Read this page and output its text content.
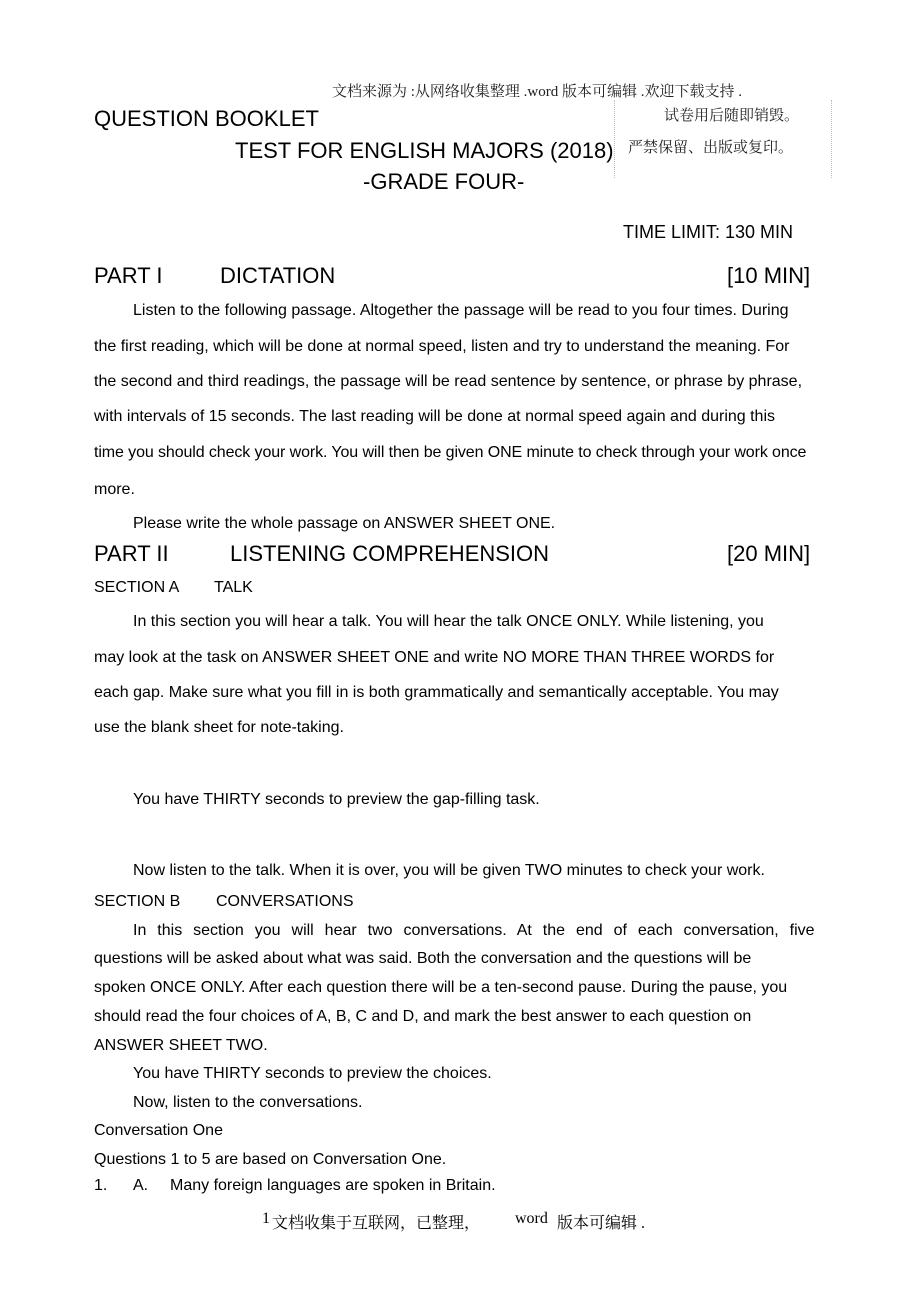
文档来源为 :从网络收集整理 .word 版本可编辑 .欢迎下载支持 .
试卷用后随即销毁。
严禁保留、出版或复印。
QUESTION BOOKLET
TEST FOR ENGLISH MAJORS (2018)
-GRADE FOUR-
TIME LIMIT: 130 MIN
PART I	DICTATION	[10 MIN]
Listen to the following passage. Altogether the passage will be read to you four times. During
the first reading, which will be done at normal speed, listen and try to understand the meaning. For
the second and third readings, the passage will be read sentence by sentence, or phrase by phrase,
with intervals of 15 seconds. The last reading will be done at normal speed again and during this
time you should check your work. You will then be given ONE minute to check through your work once
more.
Please write the whole passage on ANSWER SHEET ONE.
PART II	LISTENING COMPREHENSION	[20 MIN]
SECTION A TALK
In this section you will hear a talk. You will hear the talk ONCE ONLY. While listening, you
may look at the task on ANSWER SHEET ONE and write NO MORE THAN THREE WORDS for
each gap. Make sure what you fill in is both grammatically and semantically acceptable. You may
use the blank sheet for note-taking.
You have THIRTY seconds to preview the gap-filling task.
Now listen to the talk. When it is over, you will be given TWO minutes to check your work.
SECTION B CONVERSATIONS
In this section you will hear two conversations. At the end of each conversation, five
questions will be asked about what was said. Both the conversation and the questions will be
spoken ONCE ONLY. After each question there will be a ten-second pause. During the pause, you
should read the four choices of A, B, C and D, and mark the best answer to each question on
ANSWER SHEET TWO.
You have THIRTY seconds to preview the choices.
Now, listen to the conversations.
Conversation One
Questions 1 to 5 are based on Conversation One.
1. A. Many foreign languages are spoken in Britain.
1 文档收集于互联网，已整理， word 版本可编辑 .
